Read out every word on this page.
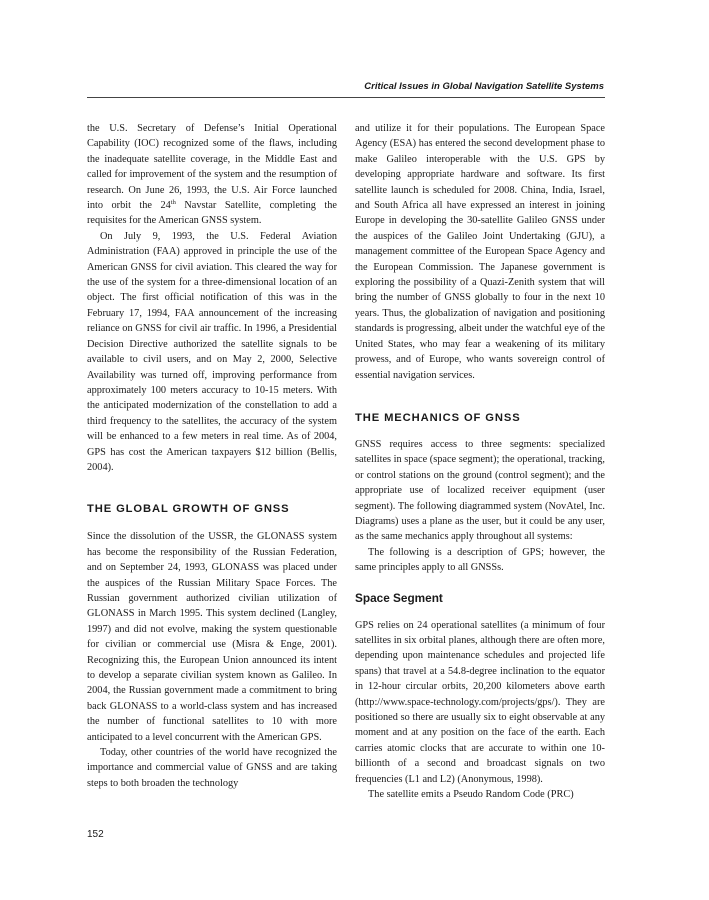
Critical Issues in Global Navigation Satellite Systems

the U.S. Secretary of Defense’s Initial Operational Capability (IOC) recognized some of the flaws, including the inadequate satellite coverage, in the Middle East and called for improvement of the system and the resumption of research. On June 26, 1993, the U.S. Air Force launched into orbit the 24th Navstar Satellite, completing the requisites for the American GNSS system.

On July 9, 1993, the U.S. Federal Aviation Administration (FAA) approved in principle the use of the American GNSS for civil aviation. This cleared the way for the use of the system for a three-dimensional location of an object. The first official notification of this was in the February 17, 1994, FAA announcement of the increasing reliance on GNSS for civil air traffic. In 1996, a Presidential Decision Directive authorized the satellite signals to be available to civil users, and on May 2, 2000, Selective Availability was turned off, improving performance from approximately 100 meters accuracy to 10-15 meters. With the anticipated modernization of the constellation to add a third frequency to the satellites, the accuracy of the system will be enhanced to a few meters in real time. As of 2004, GPS has cost the American taxpayers $12 billion (Bellis, 2004).

THE GLOBAL GROWTH OF GNSS

Since the dissolution of the USSR, the GLONASS system has become the responsibility of the Russian Federation, and on September 24, 1993, GLONASS was placed under the auspices of the Russian Military Space Forces. The Russian government authorized civilian utilization of GLONASS in March 1995. This system declined (Langley, 1997) and did not evolve, making the system questionable for civilian or commercial use (Misra & Enge, 2001). Recognizing this, the European Union announced its intent to develop a separate civilian system known as Galileo. In 2004, the Russian government made a commitment to bring back GLONASS to a world-class system and has increased the number of functional satellites to 10 with more anticipated to a level concurrent with the American GPS.

Today, other countries of the world have recognized the importance and commercial value of GNSS and are taking steps to both broaden the technology

and utilize it for their populations. The European Space Agency (ESA) has entered the second development phase to make Galileo interoperable with the U.S. GPS by developing appropriate hardware and software. Its first satellite launch is scheduled for 2008. China, India, Israel, and South Africa all have expressed an interest in joining Europe in developing the 30-satellite Galileo GNSS under the auspices of the Galileo Joint Undertaking (GJU), a management committee of the European Space Agency and the European Commission. The Japanese government is exploring the possibility of a Quazi-Zenith system that will bring the number of GNSS globally to four in the next 10 years. Thus, the globalization of navigation and positioning standards is progressing, albeit under the watchful eye of the United States, who may fear a weakening of its military prowess, and of Europe, who wants sovereign control of essential navigation services.

THE MECHANICS OF GNSS

GNSS requires access to three segments: specialized satellites in space (space segment); the operational, tracking, or control stations on the ground (control segment); and the appropriate use of localized receiver equipment (user segment). The following diagrammed system (NovAtel, Inc. Diagrams) uses a plane as the user, but it could be any user, as the same mechanics apply throughout all systems:

The following is a description of GPS; however, the same principles apply to all GNSSs.

Space Segment

GPS relies on 24 operational satellites (a minimum of four satellites in six orbital planes, although there are often more, depending upon maintenance schedules and projected life spans) that travel at a 54.8-degree inclination to the equator in 12-hour circular orbits, 20,200 kilometers above earth (http://www.space-technology.com/projects/gps/). They are positioned so there are usually six to eight observable at any moment and at any position on the face of the earth. Each carries atomic clocks that are accurate to within one 10-billionth of a second and broadcast signals on two frequencies (L1 and L2) (Anonymous, 1998).

The satellite emits a Pseudo Random Code (PRC)

152
